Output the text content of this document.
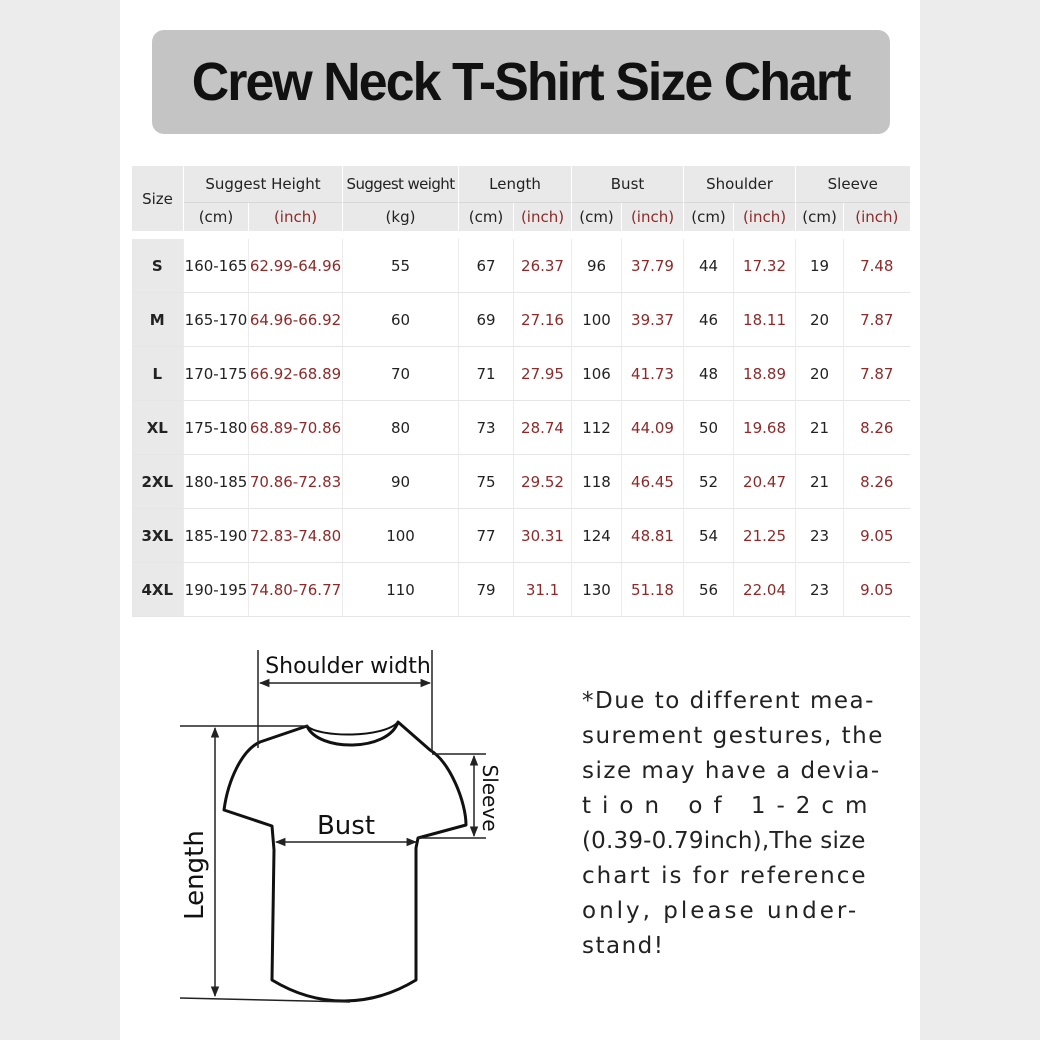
Crew Neck T-Shirt Size Chart
Size	Suggest Height		Suggest weight	Length		Bust		Shoulder		Sleeve	
	(cm)	(inch)	(kg)	(cm)	(inch)	(cm)	(inch)	(cm)	(inch)	(cm)	(inch)

S	160-165	62.99-64.96	55	67	26.37	96	37.79	44	17.32	19	7.48
M	165-170	64.96-66.92	60	69	27.16	100	39.37	46	18.11	20	7.87
L	170-175	66.92-68.89	70	71	27.95	106	41.73	48	18.89	20	7.87
XL	175-180	68.89-70.86	80	73	28.74	112	44.09	50	19.68	21	8.26
2XL	180-185	70.86-72.83	90	75	29.52	118	46.45	52	20.47	21	8.26
3XL	185-190	72.83-74.80	100	77	30.31	124	48.81	54	21.25	23	9.05
4XL	190-195	74.80-76.77	110	79	31.1	130	51.18	56	22.04	23	9.05
Shoulder width
Bust
Length
Sleeve
*Due to different mea-
surement gestures, the
size may have a devia-
tion of 1-2cm
(0.39-0.79inch),The size
chart is for reference
only, please under-
stand!
